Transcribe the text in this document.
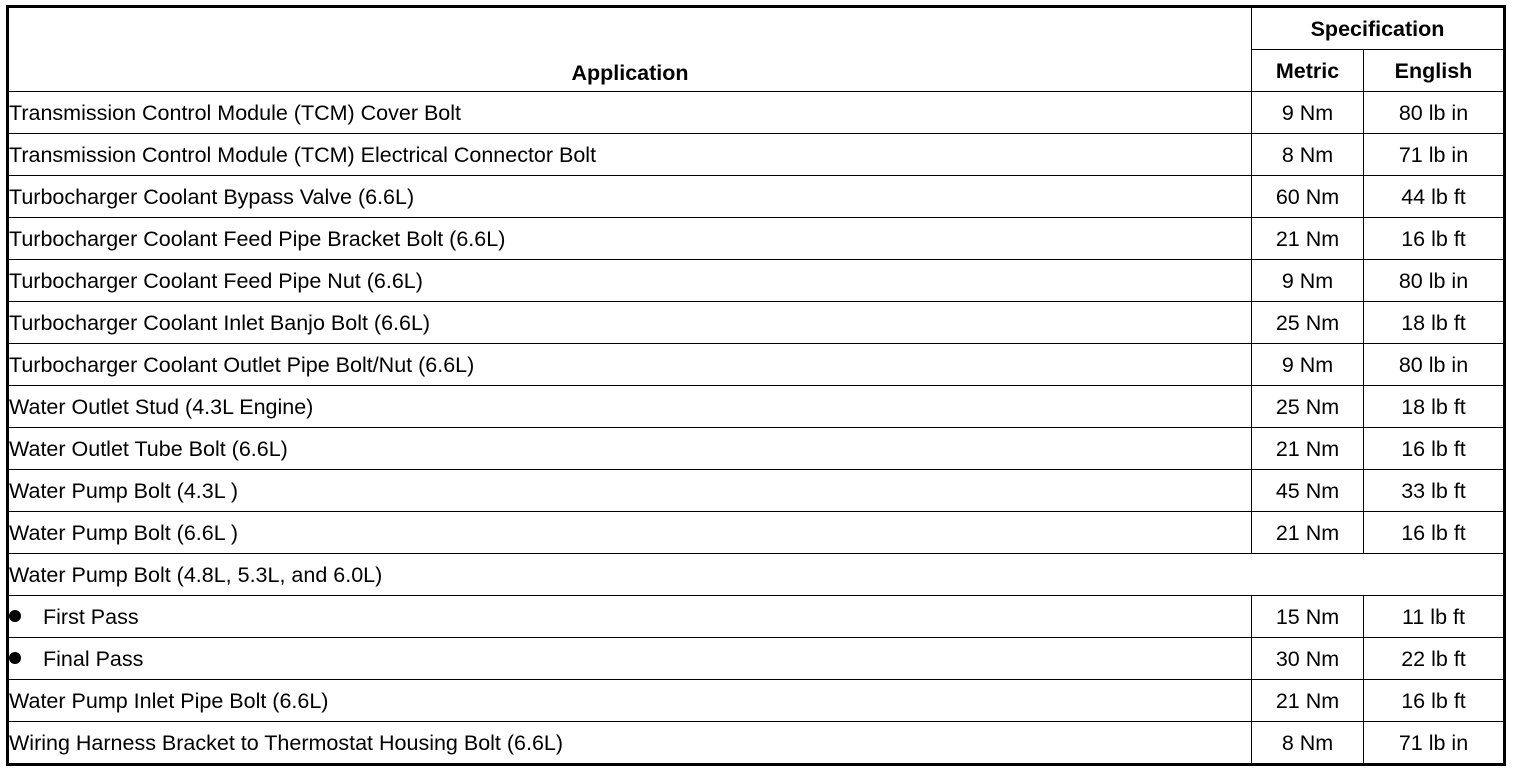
Application	Specification	
	Metric	English
Transmission Control Module (TCM) Cover Bolt	9 Nm	80 lb in
Transmission Control Module (TCM) Electrical Connector Bolt	8 Nm	71 lb in
Turbocharger Coolant Bypass Valve (6.6L)	60 Nm	44 lb ft
Turbocharger Coolant Feed Pipe Bracket Bolt (6.6L)	21 Nm	16 lb ft
Turbocharger Coolant Feed Pipe Nut (6.6L)	9 Nm	80 lb in
Turbocharger Coolant Inlet Banjo Bolt (6.6L)	25 Nm	18 lb ft
Turbocharger Coolant Outlet Pipe Bolt/Nut (6.6L)	9 Nm	80 lb in
Water Outlet Stud (4.3L Engine)	25 Nm	18 lb ft
Water Outlet Tube Bolt (6.6L)	21 Nm	16 lb ft
Water Pump Bolt (4.3L )	45 Nm	33 lb ft
Water Pump Bolt (6.6L )	21 Nm	16 lb ft
Water Pump Bolt (4.8L, 5.3L, and 6.0L)		
First Pass	15 Nm	11 lb ft
Final Pass	30 Nm	22 lb ft
Water Pump Inlet Pipe Bolt (6.6L)	21 Nm	16 lb ft
Wiring Harness Bracket to Thermostat Housing Bolt (6.6L)	8 Nm	71 lb in
